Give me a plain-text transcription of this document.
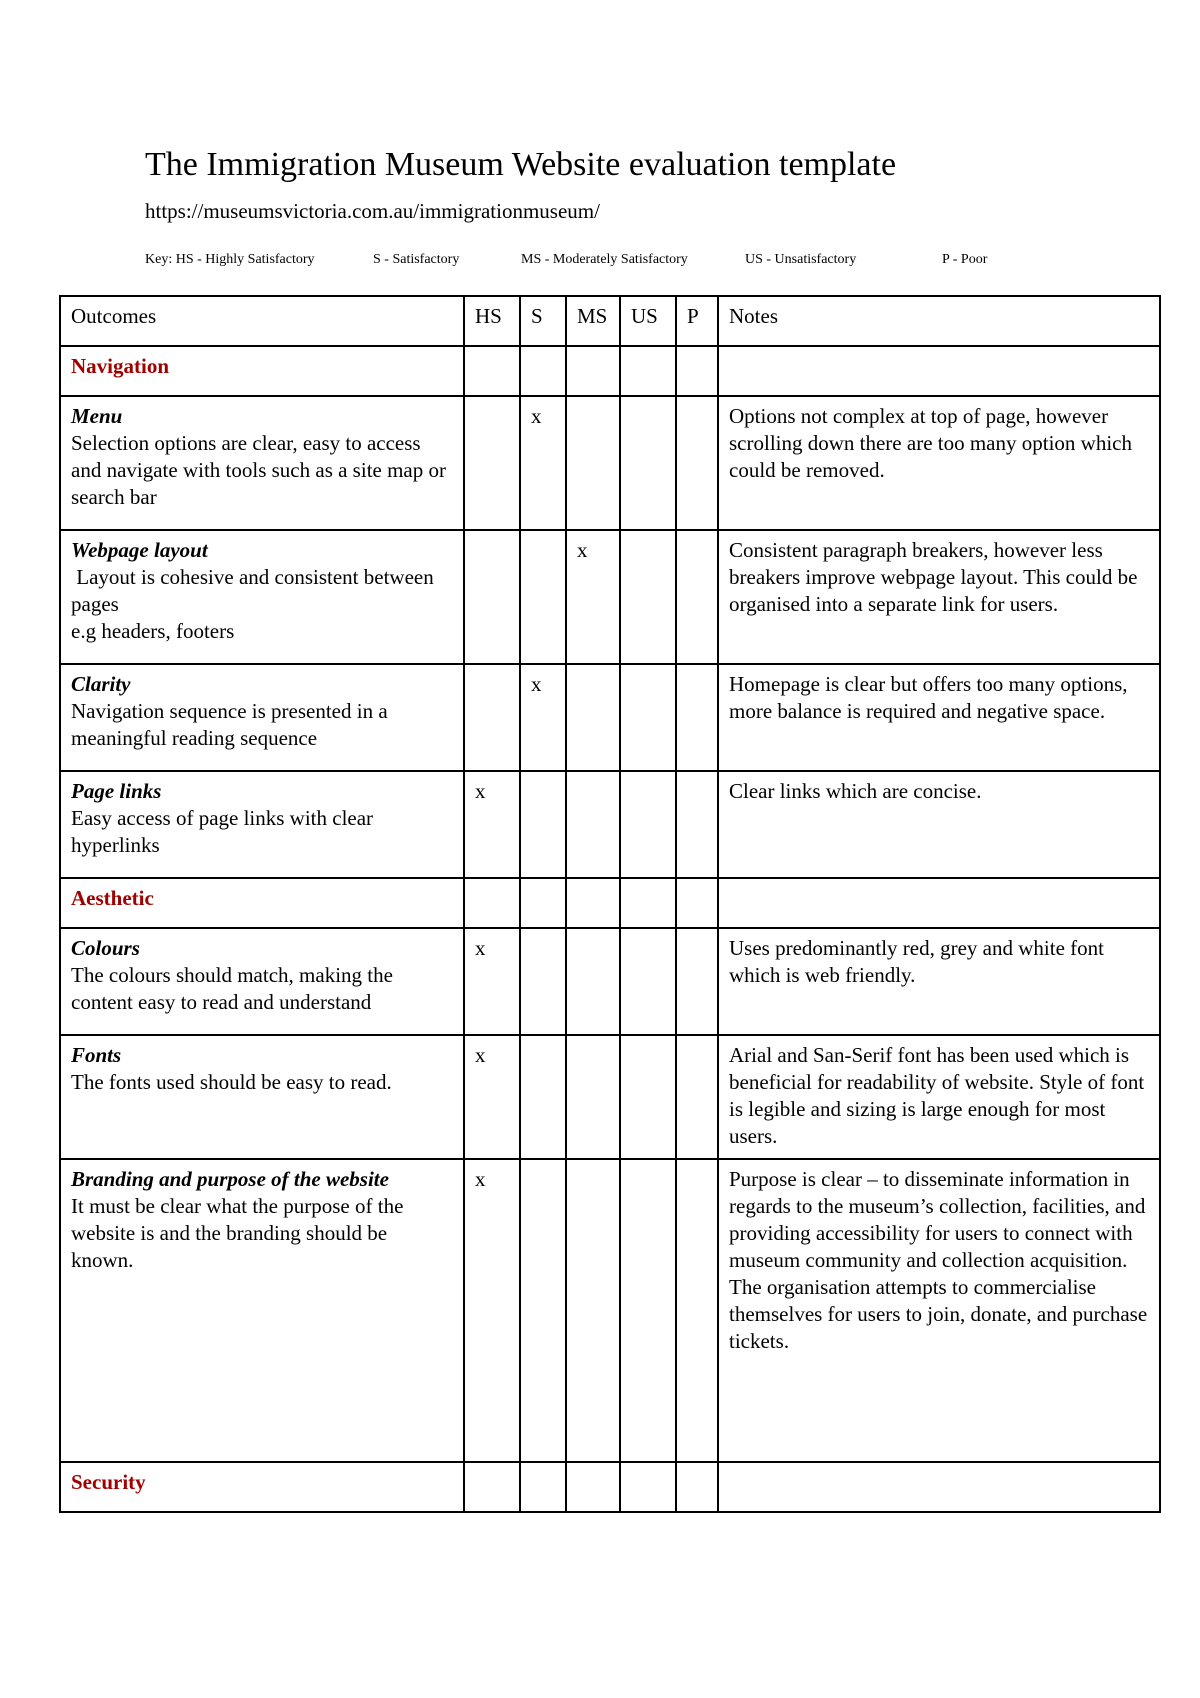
The Immigration Museum Website evaluation template
https://museumsvictoria.com.au/immigrationmuseum/
Key: HS - Highly Satisfactory	S - Satisfactory	MS - Moderately Satisfactory	US - Unsatisfactory	P - Poor
Outcomes	HS	S	MS	US	P	Notes
Navigation						

Menu
Selection options are clear, easy to access and navigate with tools such as a site map or search bar		x				Options not complex at top of page, however scrolling down there are too many option which could be removed.

Webpage layout
Layout is cohesive and consistent between pages
e.g headers, footers			x			Consistent paragraph breakers, however less breakers improve webpage layout. This could be organised into a separate link for users.

Clarity
Navigation sequence is presented in a meaningful reading sequence		x				Homepage is clear but offers too many options, more balance is required and negative space.

Page links
Easy access of page links with clear hyperlinks	x					Clear links which are concise.
Aesthetic						

Colours
The colours should match, making the content easy to read and understand	x					Uses predominantly red, grey and white font which is web friendly.

Fonts
The fonts used should be easy to read.	x					Arial and San-Serif font has been used which is beneficial for readability of website. Style of font is legible and sizing is large enough for most users.

Branding and purpose of the website
It must be clear what the purpose of the website is and the branding should be known.	x					Purpose is clear – to disseminate information in regards to the museum’s collection, facilities, and providing accessibility for users to connect with museum community and collection acquisition. The organisation attempts to commercialise themselves for users to join, donate, and purchase tickets.
Security						
